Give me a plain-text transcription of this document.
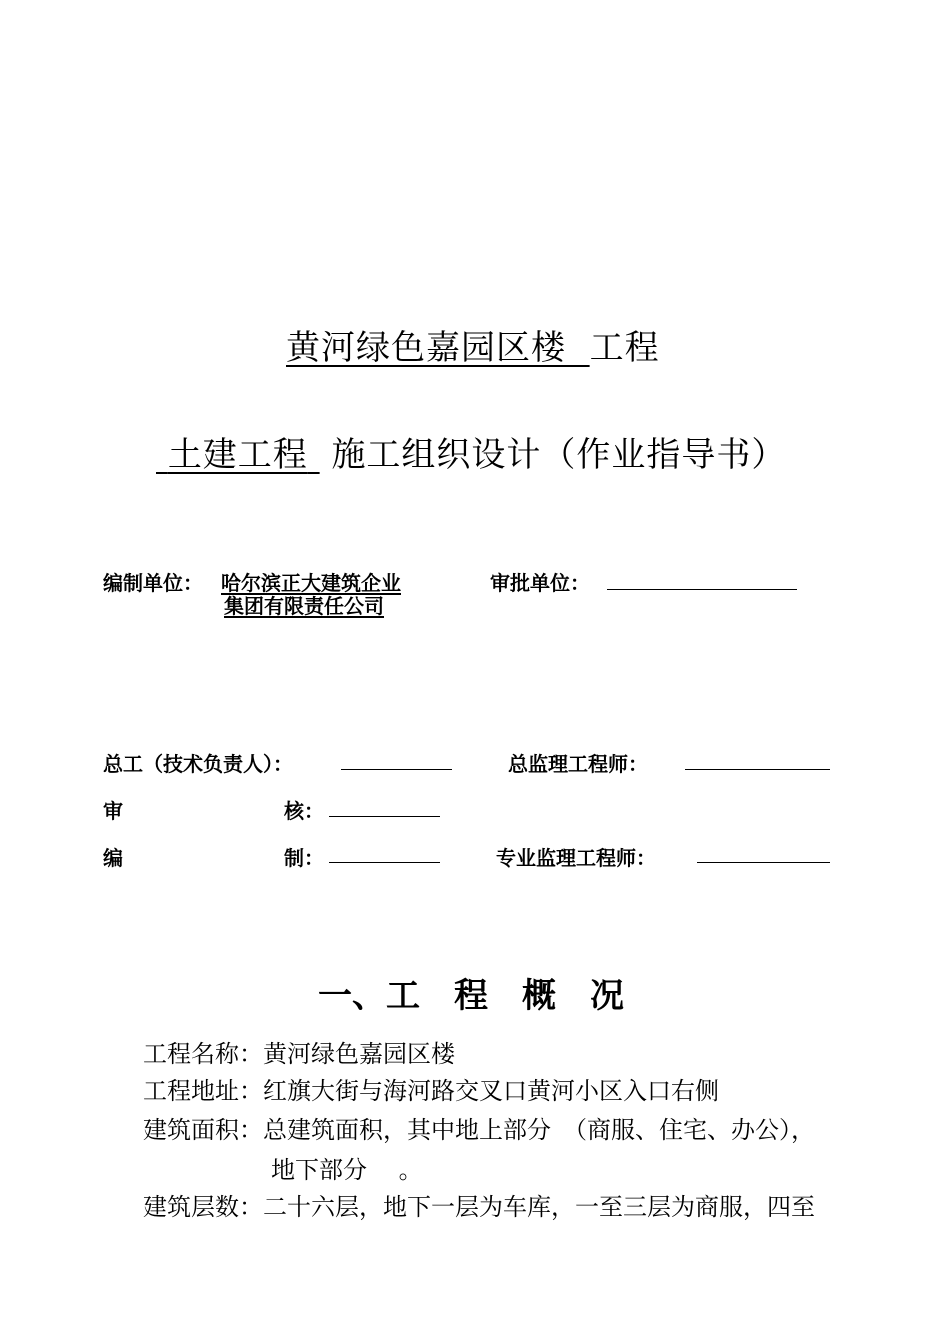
黄河绿色嘉园区楼 工程
土建工程 施工组织设计（作业指导书）
编制单位： 哈尔滨正大建筑企业
集团有限责任公司
审批单位：
总工（技术负责人）：	总监理工程师：
审	核：
编	制：	专业监理工程师：
一、工　程　概　况
工程名称：黄河绿色嘉园区楼
工程地址：红旗大街与海河路交叉口黄河小区入口右侧
建筑面积：总建筑面积，其中地上部分　（商服、住宅、办公），
地下部分　 。
建筑层数：二十六层，地下一层为车库，一至三层为商服，四至
